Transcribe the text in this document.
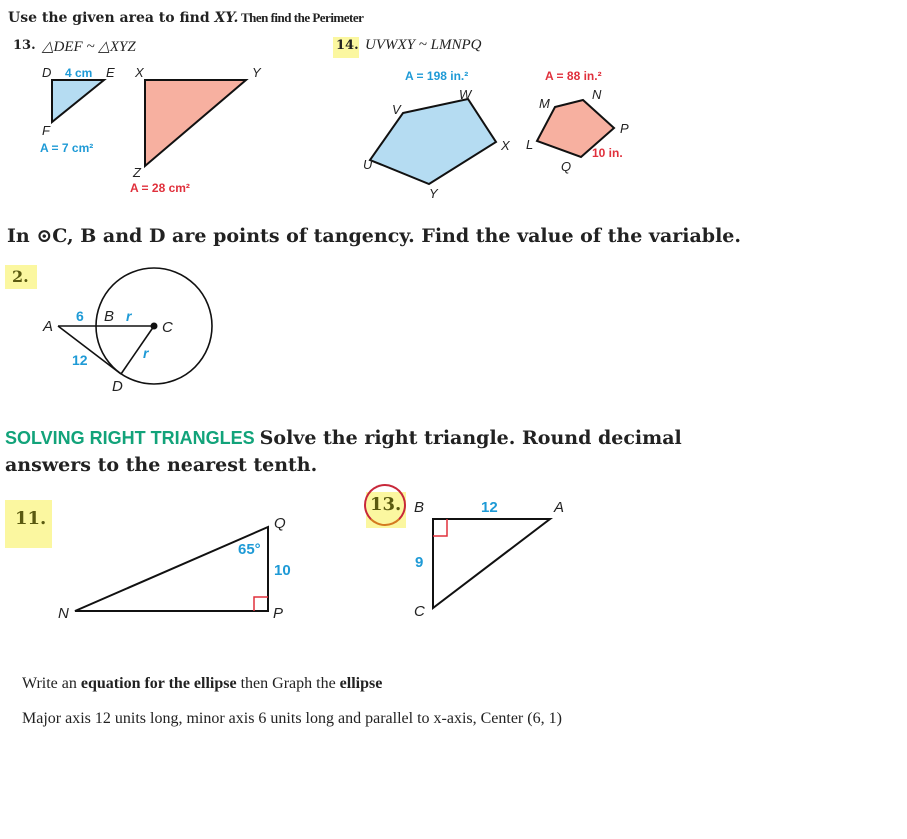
Use the given area to find XY. Then find the Perimeter
13. △DEF ~ △XYZ	14. UVWXY ~ LMNPQ
D 4 cm E
F
A = 7 cm²
X	Y
Z
A = 28 cm²
A = 198 in.²	A = 88 in.²
W
V
X
U
Y
M
N
P
L
Q
10 in.
In ⊙C, B and D are points of tangency. Find the value of the variable.
2.
A
6 B r
C
12	r
D
SOLVING RIGHT TRIANGLES Solve the right triangle. Round decimal
answers to the nearest tenth.
11.	Q
65°
10
N	P
13. B	12	A
9
C
Write an equation for the ellipse then Graph the ellipse
Major axis 12 units long, minor axis 6 units long and parallel to x-axis, Center (6, 1)
